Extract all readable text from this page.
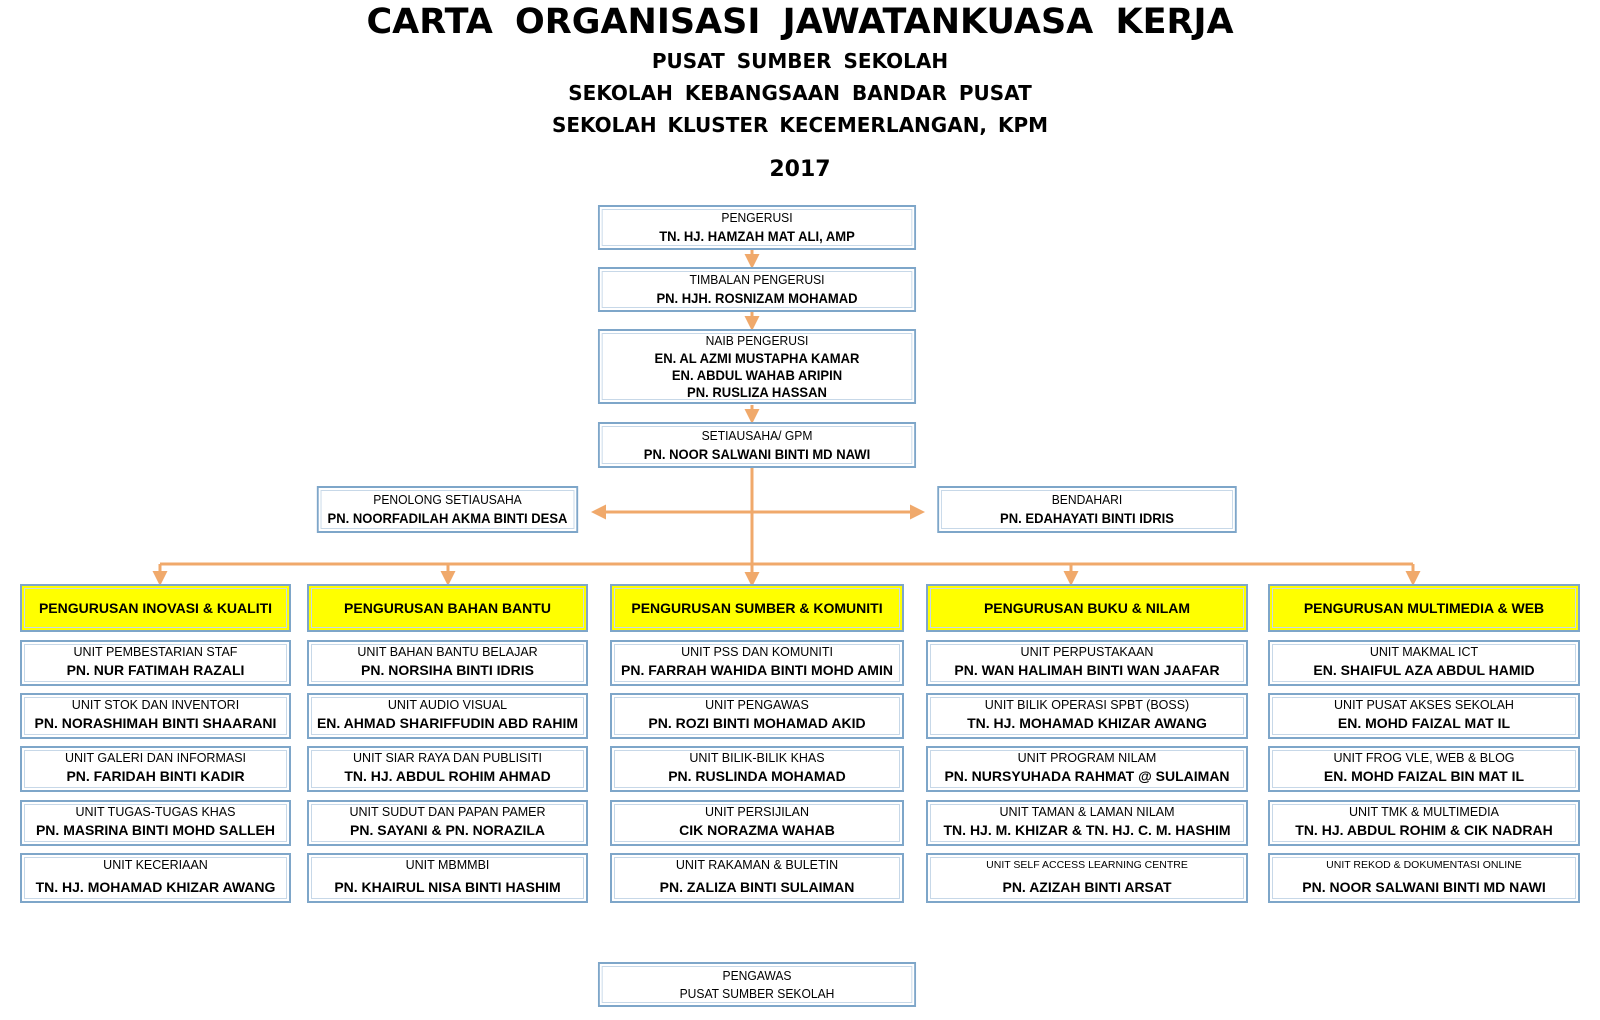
CARTA ORGANISASI JAWATANKUASA KERJA
PUSAT SUMBER SEKOLAH
SEKOLAH KEBANGSAAN BANDAR PUSAT
SEKOLAH KLUSTER KECEMERLANGAN, KPM
2017
PENGERUSI
TN. HJ. HAMZAH MAT ALI, AMP
TIMBALAN PENGERUSI
PN. HJH. ROSNIZAM MOHAMAD
NAIB PENGERUSI
EN. AL AZMI MUSTAPHA KAMAR
EN. ABDUL WAHAB ARIPIN
PN. RUSLIZA HASSAN
SETIAUSAHA/ GPM
PN. NOOR SALWANI BINTI MD NAWI
PENOLONG SETIAUSAHA
PN. NOORFADILAH AKMA BINTI DESA
BENDAHARI
PN. EDAHAYATI BINTI IDRIS
PENGURUSAN INOVASI & KUALITI
UNIT PEMBESTARIAN STAF
PN. NUR FATIMAH RAZALI
UNIT STOK DAN INVENTORI
PN. NORASHIMAH BINTI SHAARANI
UNIT GALERI DAN INFORMASI
PN. FARIDAH BINTI KADIR
UNIT TUGAS-TUGAS KHAS
PN. MASRINA BINTI MOHD SALLEH
UNIT KECERIAAN
TN. HJ. MOHAMAD KHIZAR AWANG
PENGURUSAN BAHAN BANTU
UNIT BAHAN BANTU BELAJAR
PN. NORSIHA BINTI IDRIS
UNIT AUDIO VISUAL
EN. AHMAD SHARIFFUDIN ABD RAHIM
UNIT SIAR RAYA DAN PUBLISITI
TN. HJ. ABDUL ROHIM AHMAD
UNIT SUDUT DAN PAPAN PAMER
PN. SAYANI & PN. NORAZILA
UNIT MBMMBI
PN. KHAIRUL NISA BINTI HASHIM
PENGURUSAN SUMBER & KOMUNITI
UNIT PSS DAN KOMUNITI
PN. FARRAH WAHIDA BINTI MOHD AMIN
UNIT PENGAWAS
PN. ROZI BINTI MOHAMAD AKID
UNIT BILIK-BILIK KHAS
PN. RUSLINDA MOHAMAD
UNIT PERSIJILAN
CIK NORAZMA WAHAB
UNIT RAKAMAN & BULETIN
PN. ZALIZA BINTI SULAIMAN
PENGURUSAN BUKU & NILAM
UNIT PERPUSTAKAAN
PN. WAN HALIMAH BINTI WAN JAAFAR
UNIT BILIK OPERASI SPBT (BOSS)
TN. HJ. MOHAMAD KHIZAR AWANG
UNIT PROGRAM NILAM
PN. NURSYUHADA RAHMAT @ SULAIMAN
UNIT TAMAN & LAMAN NILAM
TN. HJ. M. KHIZAR & TN. HJ. C. M. HASHIM
UNIT SELF ACCESS LEARNING CENTRE
PN. AZIZAH BINTI ARSAT
PENGURUSAN MULTIMEDIA & WEB
UNIT MAKMAL ICT
EN. SHAIFUL AZA ABDUL HAMID
UNIT PUSAT AKSES SEKOLAH
EN. MOHD FAIZAL MAT IL
UNIT FROG VLE, WEB & BLOG
EN. MOHD FAIZAL BIN MAT IL
UNIT TMK & MULTIMEDIA
TN. HJ. ABDUL ROHIM & CIK NADRAH
UNIT REKOD & DOKUMENTASI ONLINE
PN. NOOR SALWANI BINTI MD NAWI
PENGAWAS
PUSAT SUMBER SEKOLAH
